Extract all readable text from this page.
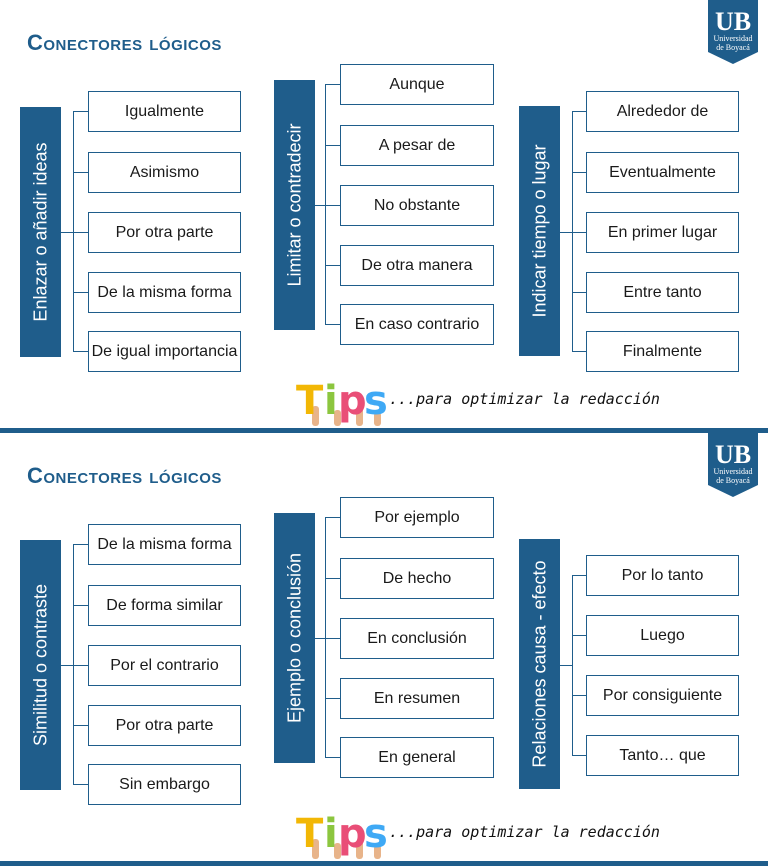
Conectores lógicos
UB
Universidad
de Boyacá
Enlazar o añadir ideas
Igualmente
Asimismo
Por otra parte
De la misma forma
De igual importancia
Limitar o contradecir
Aunque
A pesar de
No obstante
De otra manera
En caso contrario
Indicar tiempo o lugar
Alrededor de
Eventualmente
En primer lugar
Entre tanto
Finalmente
T i p
s ...para optimizar la redacción
Conectores lógicos
UB
Universidad
de Boyacá
Similitud o contraste
De la misma forma
De forma similar
Por el contrario
Por otra parte
Sin embargo
Ejemplo o conclusión
Por ejemplo
De hecho
En conclusión
En resumen
En general	Relaciones causa - efecto	Por lo tanto
Luego
Por consiguiente
Tanto… que
T i p
s ...para optimizar la redacción
